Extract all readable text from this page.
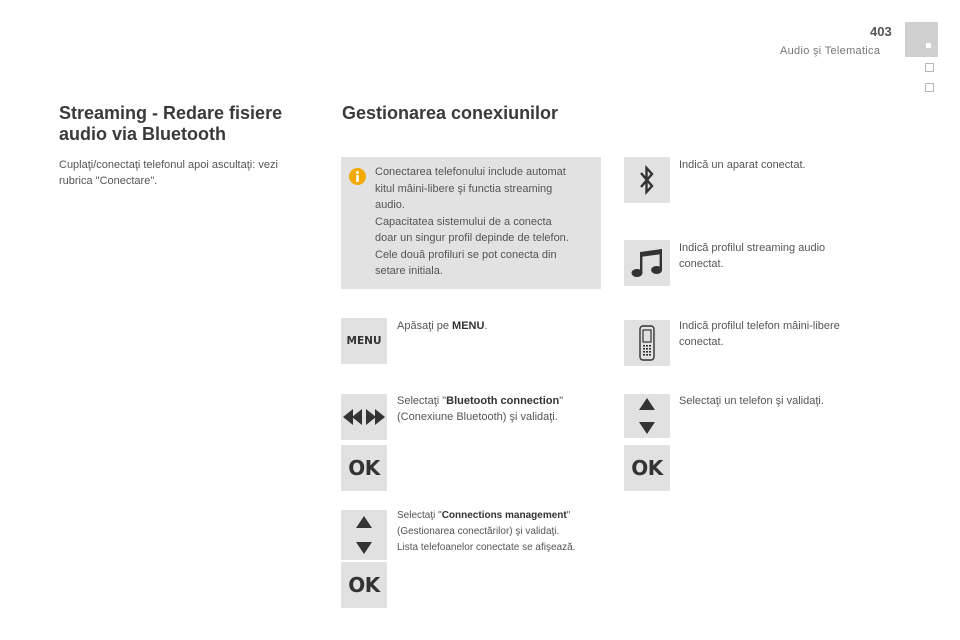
403
Audio şi Telematica
Streaming - Redare fisiere
audio via Bluetooth
Cuplaţi/conectaţi telefonul apoi ascultaţi: vezi
rubrica "Conectare".
Gestionarea conexiunilor
Conectarea telefonului include automat
kitul mâini-libere şi functia streaming
audio.
Capacitatea sistemului de a conecta
doar un singur profil depinde de telefon.
Cele două profiluri se pot conecta din
setare initiala.
MENU
Apăsaţi pe MENU.
Selectaţi "Bluetooth connection"
(Conexiune Bluetooth) şi validaţi.
OK
Selectaţi "Connections management"
(Gestionarea conectărilor) şi validaţi.
Lista telefoanelor conectate se afişează.
OK
Indică un aparat conectat.
Indică profilul streaming audio
conectat.
Indică profilul telefon mâini-libere
conectat.
Selectaţi un telefon şi validaţi.
OK
